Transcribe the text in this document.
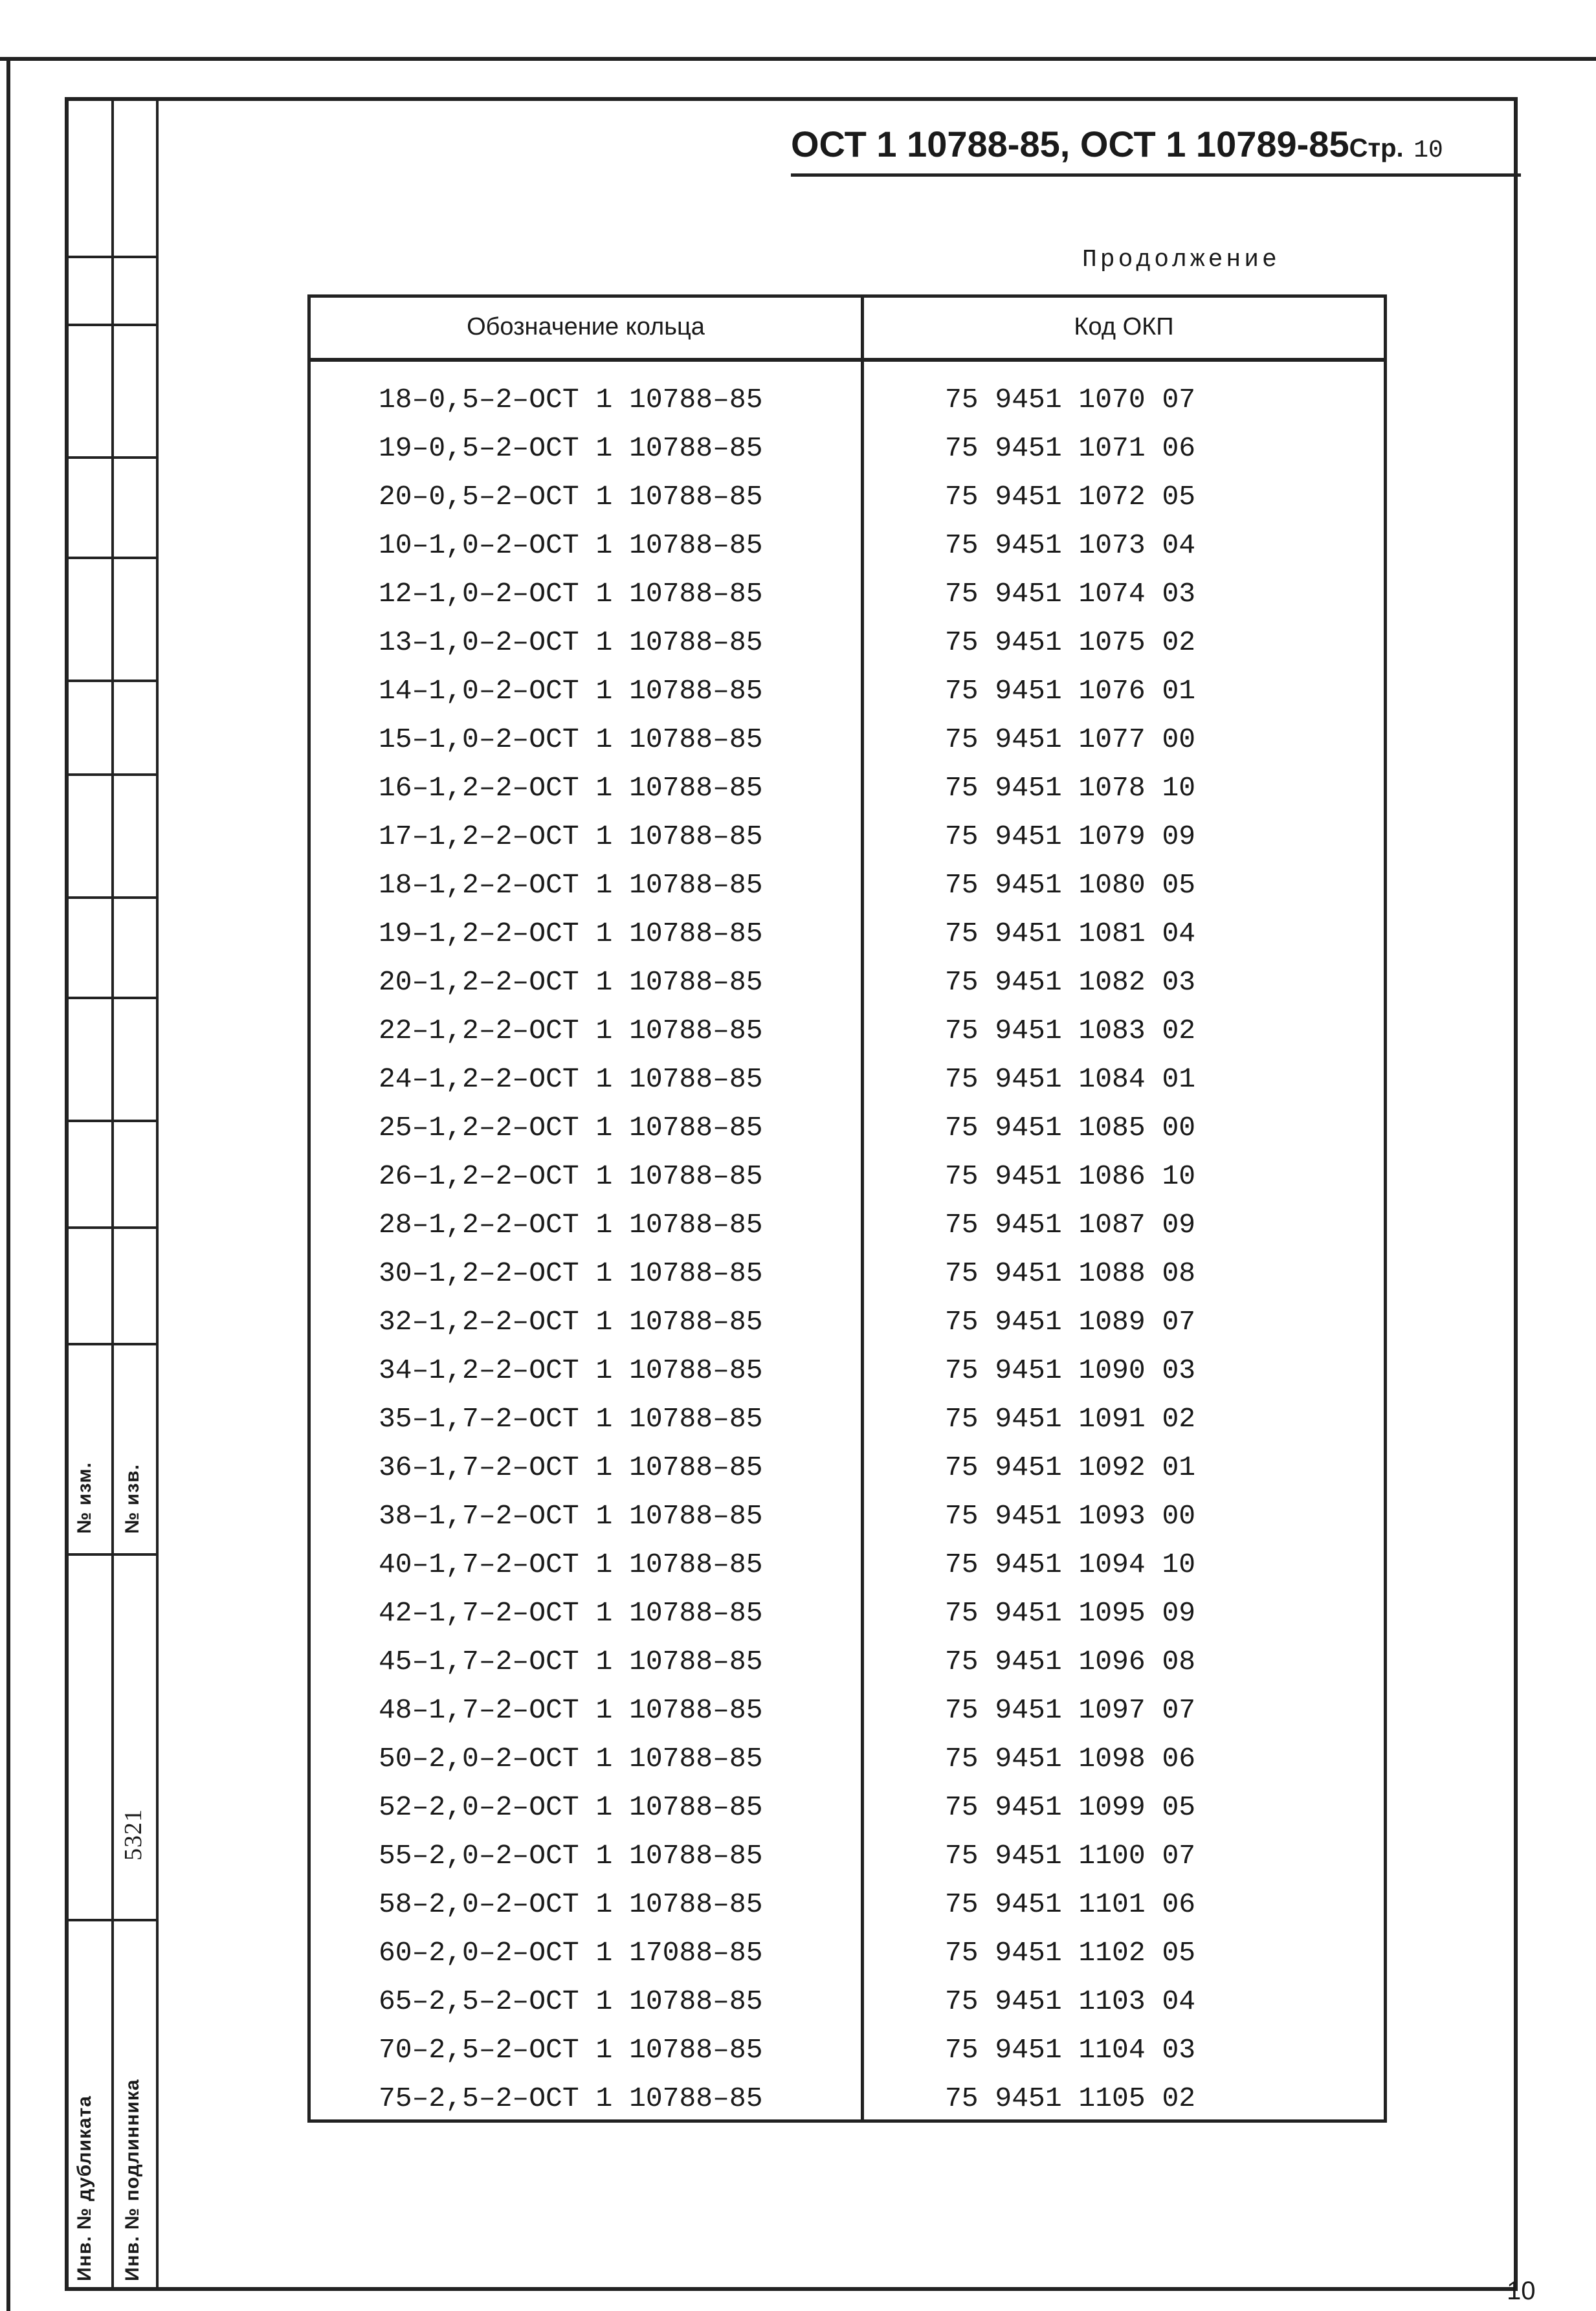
№ изм. № изв.
5321
Инв. № дубликата Инв. № подлинника
ОСТ 1 10788-85, ОСТ 1 10789-85Стр. 10
Продолжение
Обозначение кольца	Код ОКП
18–0,5–2–ОСТ 1 10788–85	75 9451 1070 07
19–0,5–2–ОСТ 1 10788–85	75 9451 1071 06
20–0,5–2–ОСТ 1 10788–85	75 9451 1072 05
10–1,0–2–ОСТ 1 10788–85	75 9451 1073 04
12–1,0–2–ОСТ 1 10788–85	75 9451 1074 03
13–1,0–2–ОСТ 1 10788–85	75 9451 1075 02
14–1,0–2–ОСТ 1 10788–85	75 9451 1076 01
15–1,0–2–ОСТ 1 10788–85	75 9451 1077 00
16–1,2–2–ОСТ 1 10788–85	75 9451 1078 10
17–1,2–2–ОСТ 1 10788–85	75 9451 1079 09
18–1,2–2–ОСТ 1 10788–85	75 9451 1080 05
19–1,2–2–ОСТ 1 10788–85	75 9451 1081 04
20–1,2–2–ОСТ 1 10788–85	75 9451 1082 03
22–1,2–2–ОСТ 1 10788–85	75 9451 1083 02
24–1,2–2–ОСТ 1 10788–85	75 9451 1084 01
25–1,2–2–ОСТ 1 10788–85	75 9451 1085 00
26–1,2–2–ОСТ 1 10788–85	75 9451 1086 10
28–1,2–2–ОСТ 1 10788–85	75 9451 1087 09
30–1,2–2–ОСТ 1 10788–85	75 9451 1088 08
32–1,2–2–ОСТ 1 10788–85	75 9451 1089 07
34–1,2–2–ОСТ 1 10788–85	75 9451 1090 03
35–1,7–2–ОСТ 1 10788–85	75 9451 1091 02
36–1,7–2–ОСТ 1 10788–85	75 9451 1092 01
38–1,7–2–ОСТ 1 10788–85	75 9451 1093 00
40–1,7–2–ОСТ 1 10788–85	75 9451 1094 10
42–1,7–2–ОСТ 1 10788–85	75 9451 1095 09
45–1,7–2–ОСТ 1 10788–85	75 9451 1096 08
48–1,7–2–ОСТ 1 10788–85	75 9451 1097 07
50–2,0–2–ОСТ 1 10788–85	75 9451 1098 06
52–2,0–2–ОСТ 1 10788–85	75 9451 1099 05
55–2,0–2–ОСТ 1 10788–85	75 9451 1100 07
58–2,0–2–ОСТ 1 10788–85	75 9451 1101 06
60–2,0–2–ОСТ 1 17088–85	75 9451 1102 05
65–2,5–2–ОСТ 1 10788–85	75 9451 1103 04
70–2,5–2–ОСТ 1 10788–85	75 9451 1104 03
75–2,5–2–ОСТ 1 10788–85	75 9451 1105 02
10
